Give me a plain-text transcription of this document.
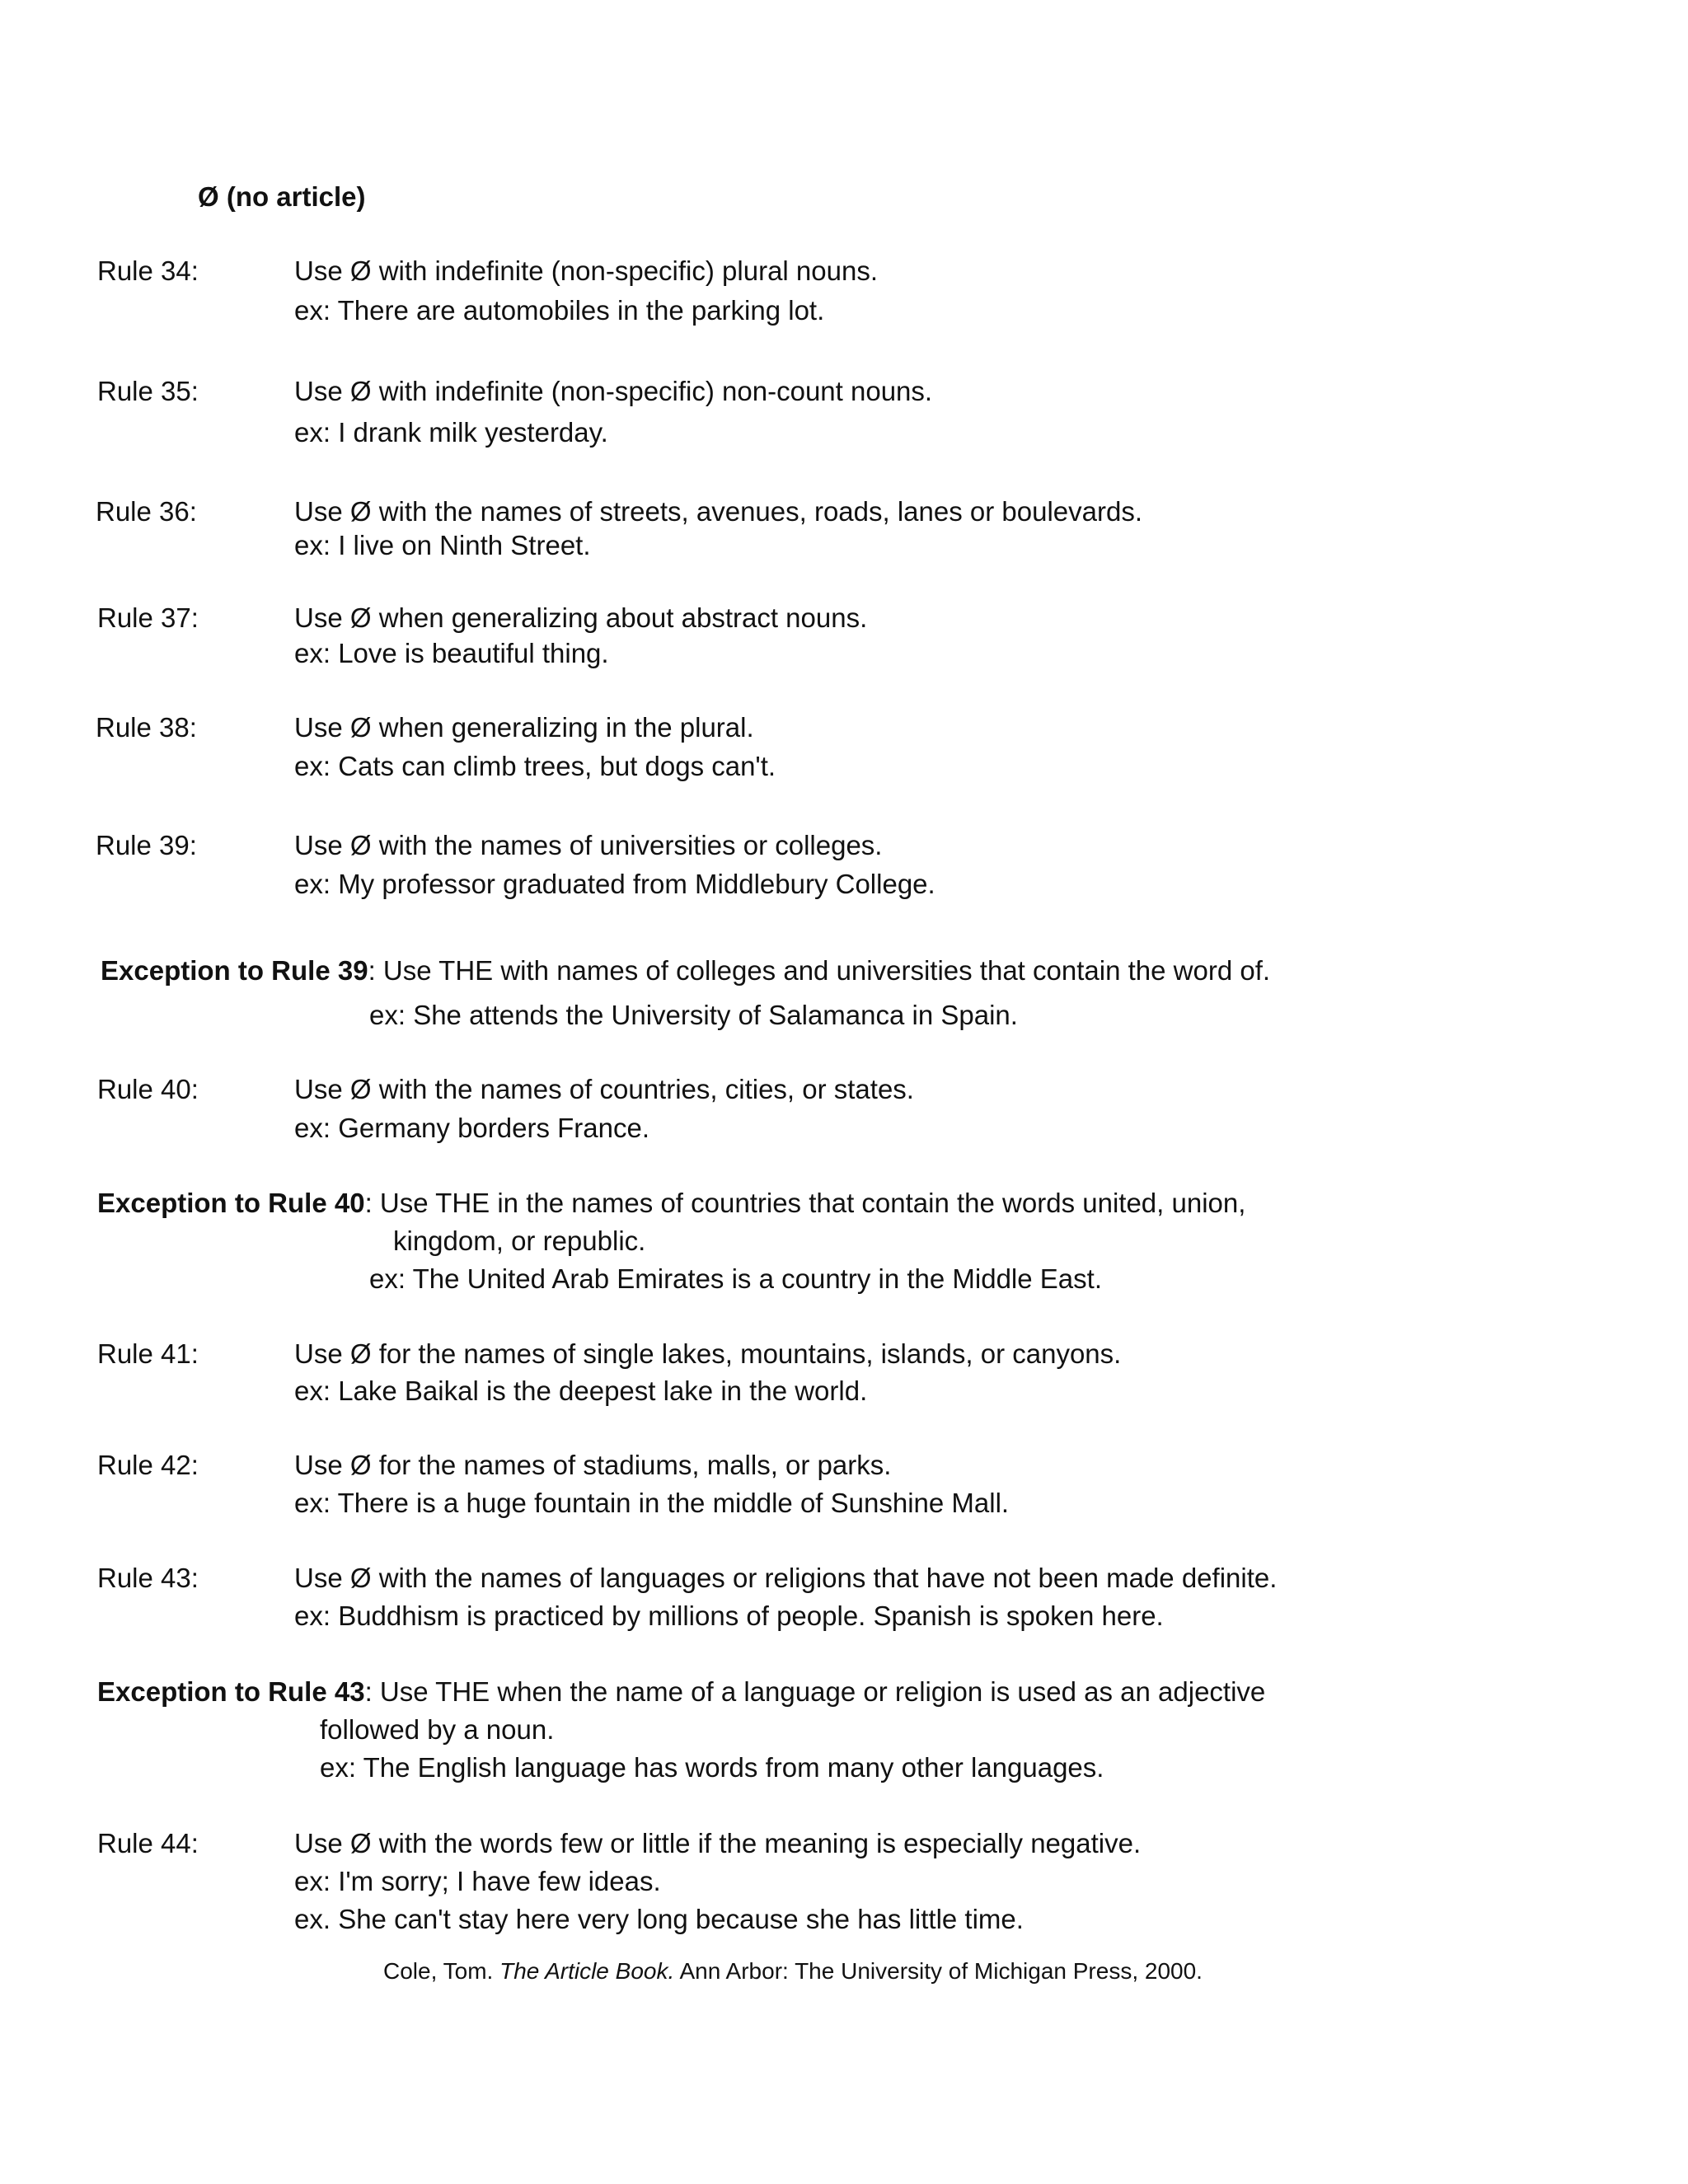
Ø (no article)
Rule 34:	Use Ø with indefinite (non-specific) plural nouns.
ex: There are automobiles in the parking lot.
Rule 35:	Use Ø with indefinite (non-specific) non-count nouns.
ex: I drank milk yesterday.
Rule 36:	Use Ø with the names of streets, avenues, roads, lanes or boulevards.
ex: I live on Ninth Street.
Rule 37:	Use Ø when generalizing about abstract nouns.
ex: Love is beautiful thing.
Rule 38:	Use Ø when generalizing in the plural.
ex: Cats can climb trees, but dogs can't.
Rule 39:	Use Ø with the names of universities or colleges.
ex: My professor graduated from Middlebury College.
Exception to Rule 39: Use THE with names of colleges and universities that contain the word of.
ex: She attends the University of Salamanca in Spain.
Rule 40:	Use Ø with the names of countries, cities, or states.
ex: Germany borders France.
Exception to Rule 40: Use THE in the names of countries that contain the words united, union,
kingdom, or republic.
ex: The United Arab Emirates is a country in the Middle East.
Rule 41:	Use Ø for the names of single lakes, mountains, islands, or canyons.
ex: Lake Baikal is the deepest lake in the world.
Rule 42:	Use Ø for the names of stadiums, malls, or parks.
ex: There is a huge fountain in the middle of Sunshine Mall.
Rule 43:	Use Ø with the names of languages or religions that have not been made definite.
ex: Buddhism is practiced by millions of people. Spanish is spoken here.
Exception to Rule 43: Use THE when the name of a language or religion is used as an adjective
followed by a noun.
ex: The English language has words from many other languages.
Rule 44:	Use Ø with the words few or little if the meaning is especially negative.
ex: I'm sorry; I have few ideas.
ex. She can't stay here very long because she has little time.
Cole, Tom. The Article Book. Ann Arbor: The University of Michigan Press, 2000.
